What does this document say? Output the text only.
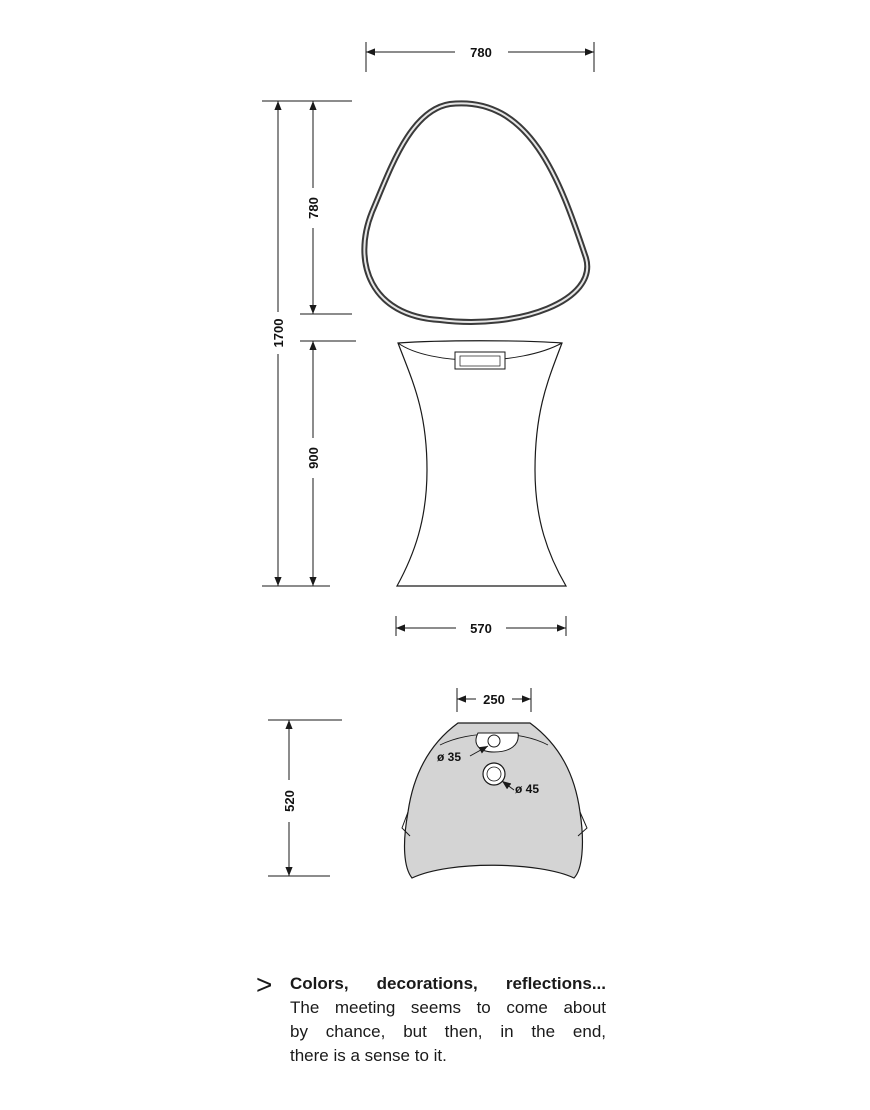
780
1700
780
900
570
250
520
ø 35
ø 45
> Colors, decorations, reflections...
The meeting seems to come about
by chance, but then, in the end,
there is a sense to it.
